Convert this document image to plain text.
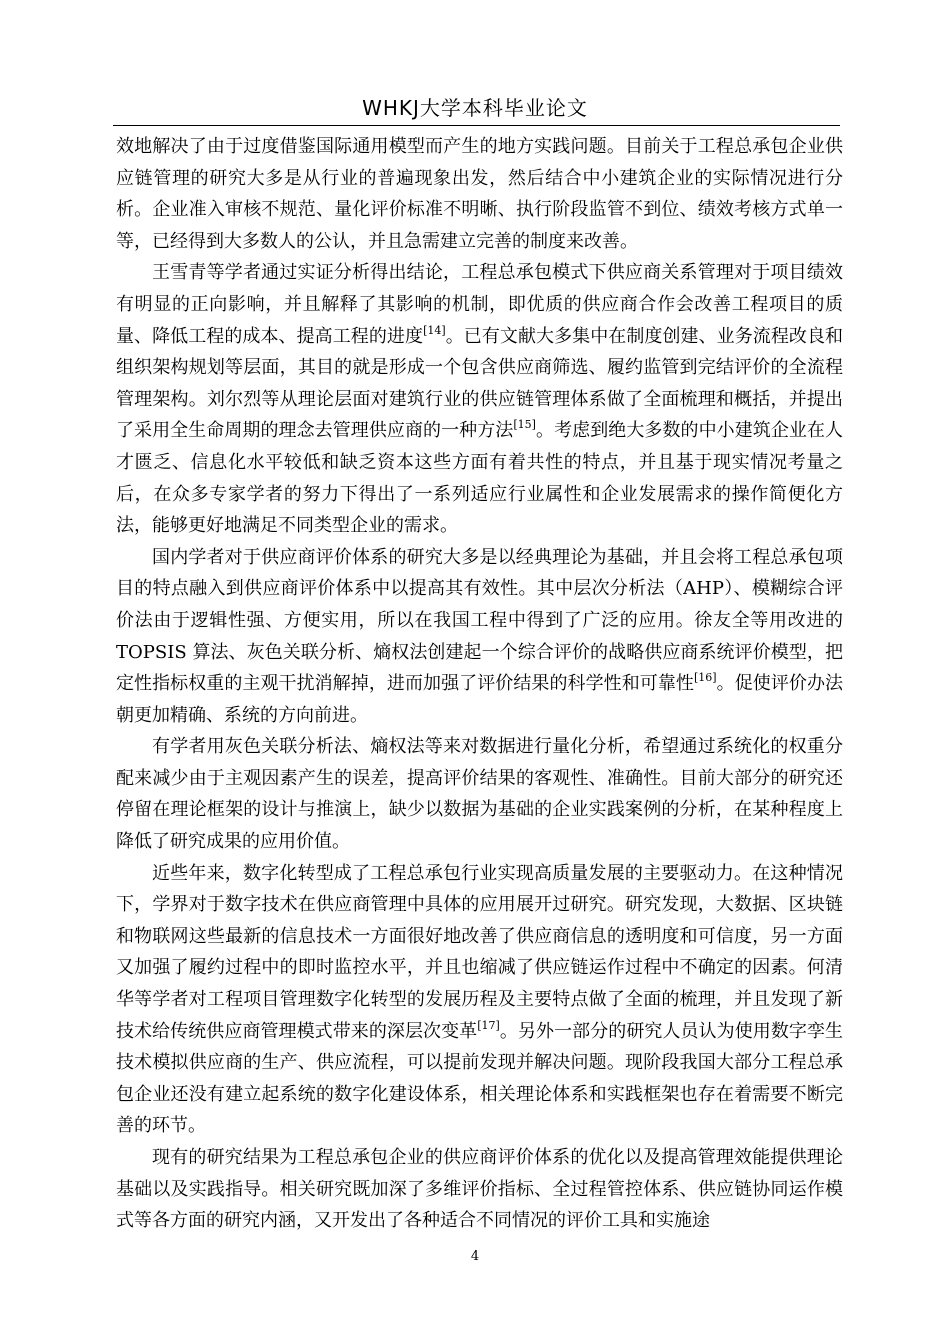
WHKJ大学本科毕业论文

效地解决了由于过度借鉴国际通用模型而产生的地方实践问题。目前关于工程总承包企业供应链管理的研究大多是从行业的普遍现象出发，然后结合中小建筑企业的实际情况进行分析。企业准入审核不规范、量化评价标准不明晰、执行阶段监管不到位、绩效考核方式单一等，已经得到大多数人的公认，并且急需建立完善的制度来改善。

王雪青等学者通过实证分析得出结论，工程总承包模式下供应商关系管理对于项目绩效有明显的正向影响，并且解释了其影响的机制，即优质的供应商合作会改善工程项目的质量、降低工程的成本、提高工程的进度[14]。已有文献大多集中在制度创建、业务流程改良和组织架构规划等层面，其目的就是形成一个包含供应商筛选、履约监管到完结评价的全流程管理架构。刘尔烈等从理论层面对建筑行业的供应链管理体系做了全面梳理和概括，并提出了采用全生命周期的理念去管理供应商的一种方法[15]。考虑到绝大多数的中小建筑企业在人才匮乏、信息化水平较低和缺乏资本这些方面有着共性的特点，并且基于现实情况考量之后，在众多专家学者的努力下得出了一系列适应行业属性和企业发展需求的操作简便化方法，能够更好地满足不同类型企业的需求。

国内学者对于供应商评价体系的研究大多是以经典理论为基础，并且会将工程总承包项目的特点融入到供应商评价体系中以提高其有效性。其中层次分析法（AHP）、模糊综合评价法由于逻辑性强、方便实用，所以在我国工程中得到了广泛的应用。徐友全等用改进的 TOPSIS 算法、灰色关联分析、熵权法创建起一个综合评价的战略供应商系统评价模型，把定性指标权重的主观干扰消解掉，进而加强了评价结果的科学性和可靠性[16]。促使评价办法朝更加精确、系统的方向前进。

有学者用灰色关联分析法、熵权法等来对数据进行量化分析，希望通过系统化的权重分配来减少由于主观因素产生的误差，提高评价结果的客观性、准确性。目前大部分的研究还停留在理论框架的设计与推演上，缺少以数据为基础的企业实践案例的分析，在某种程度上降低了研究成果的应用价值。

近些年来，数字化转型成了工程总承包行业实现高质量发展的主要驱动力。在这种情况下，学界对于数字技术在供应商管理中具体的应用展开过研究。研究发现，大数据、区块链和物联网这些最新的信息技术一方面很好地改善了供应商信息的透明度和可信度，另一方面又加强了履约过程中的即时监控水平，并且也缩减了供应链运作过程中不确定的因素。何清华等学者对工程项目管理数字化转型的发展历程及主要特点做了全面的梳理，并且发现了新技术给传统供应商管理模式带来的深层次变革[17]。另外一部分的研究人员认为使用数字孪生技术模拟供应商的生产、供应流程，可以提前发现并解决问题。现阶段我国大部分工程总承包企业还没有建立起系统的数字化建设体系，相关理论体系和实践框架也存在着需要不断完善的环节。

现有的研究结果为工程总承包企业的供应商评价体系的优化以及提高管理效能提供理论基础以及实践指导。相关研究既加深了多维评价指标、全过程管控体系、供应链协同运作模式等各方面的研究内涵，又开发出了各种适合不同情况的评价工具和实施途

4
